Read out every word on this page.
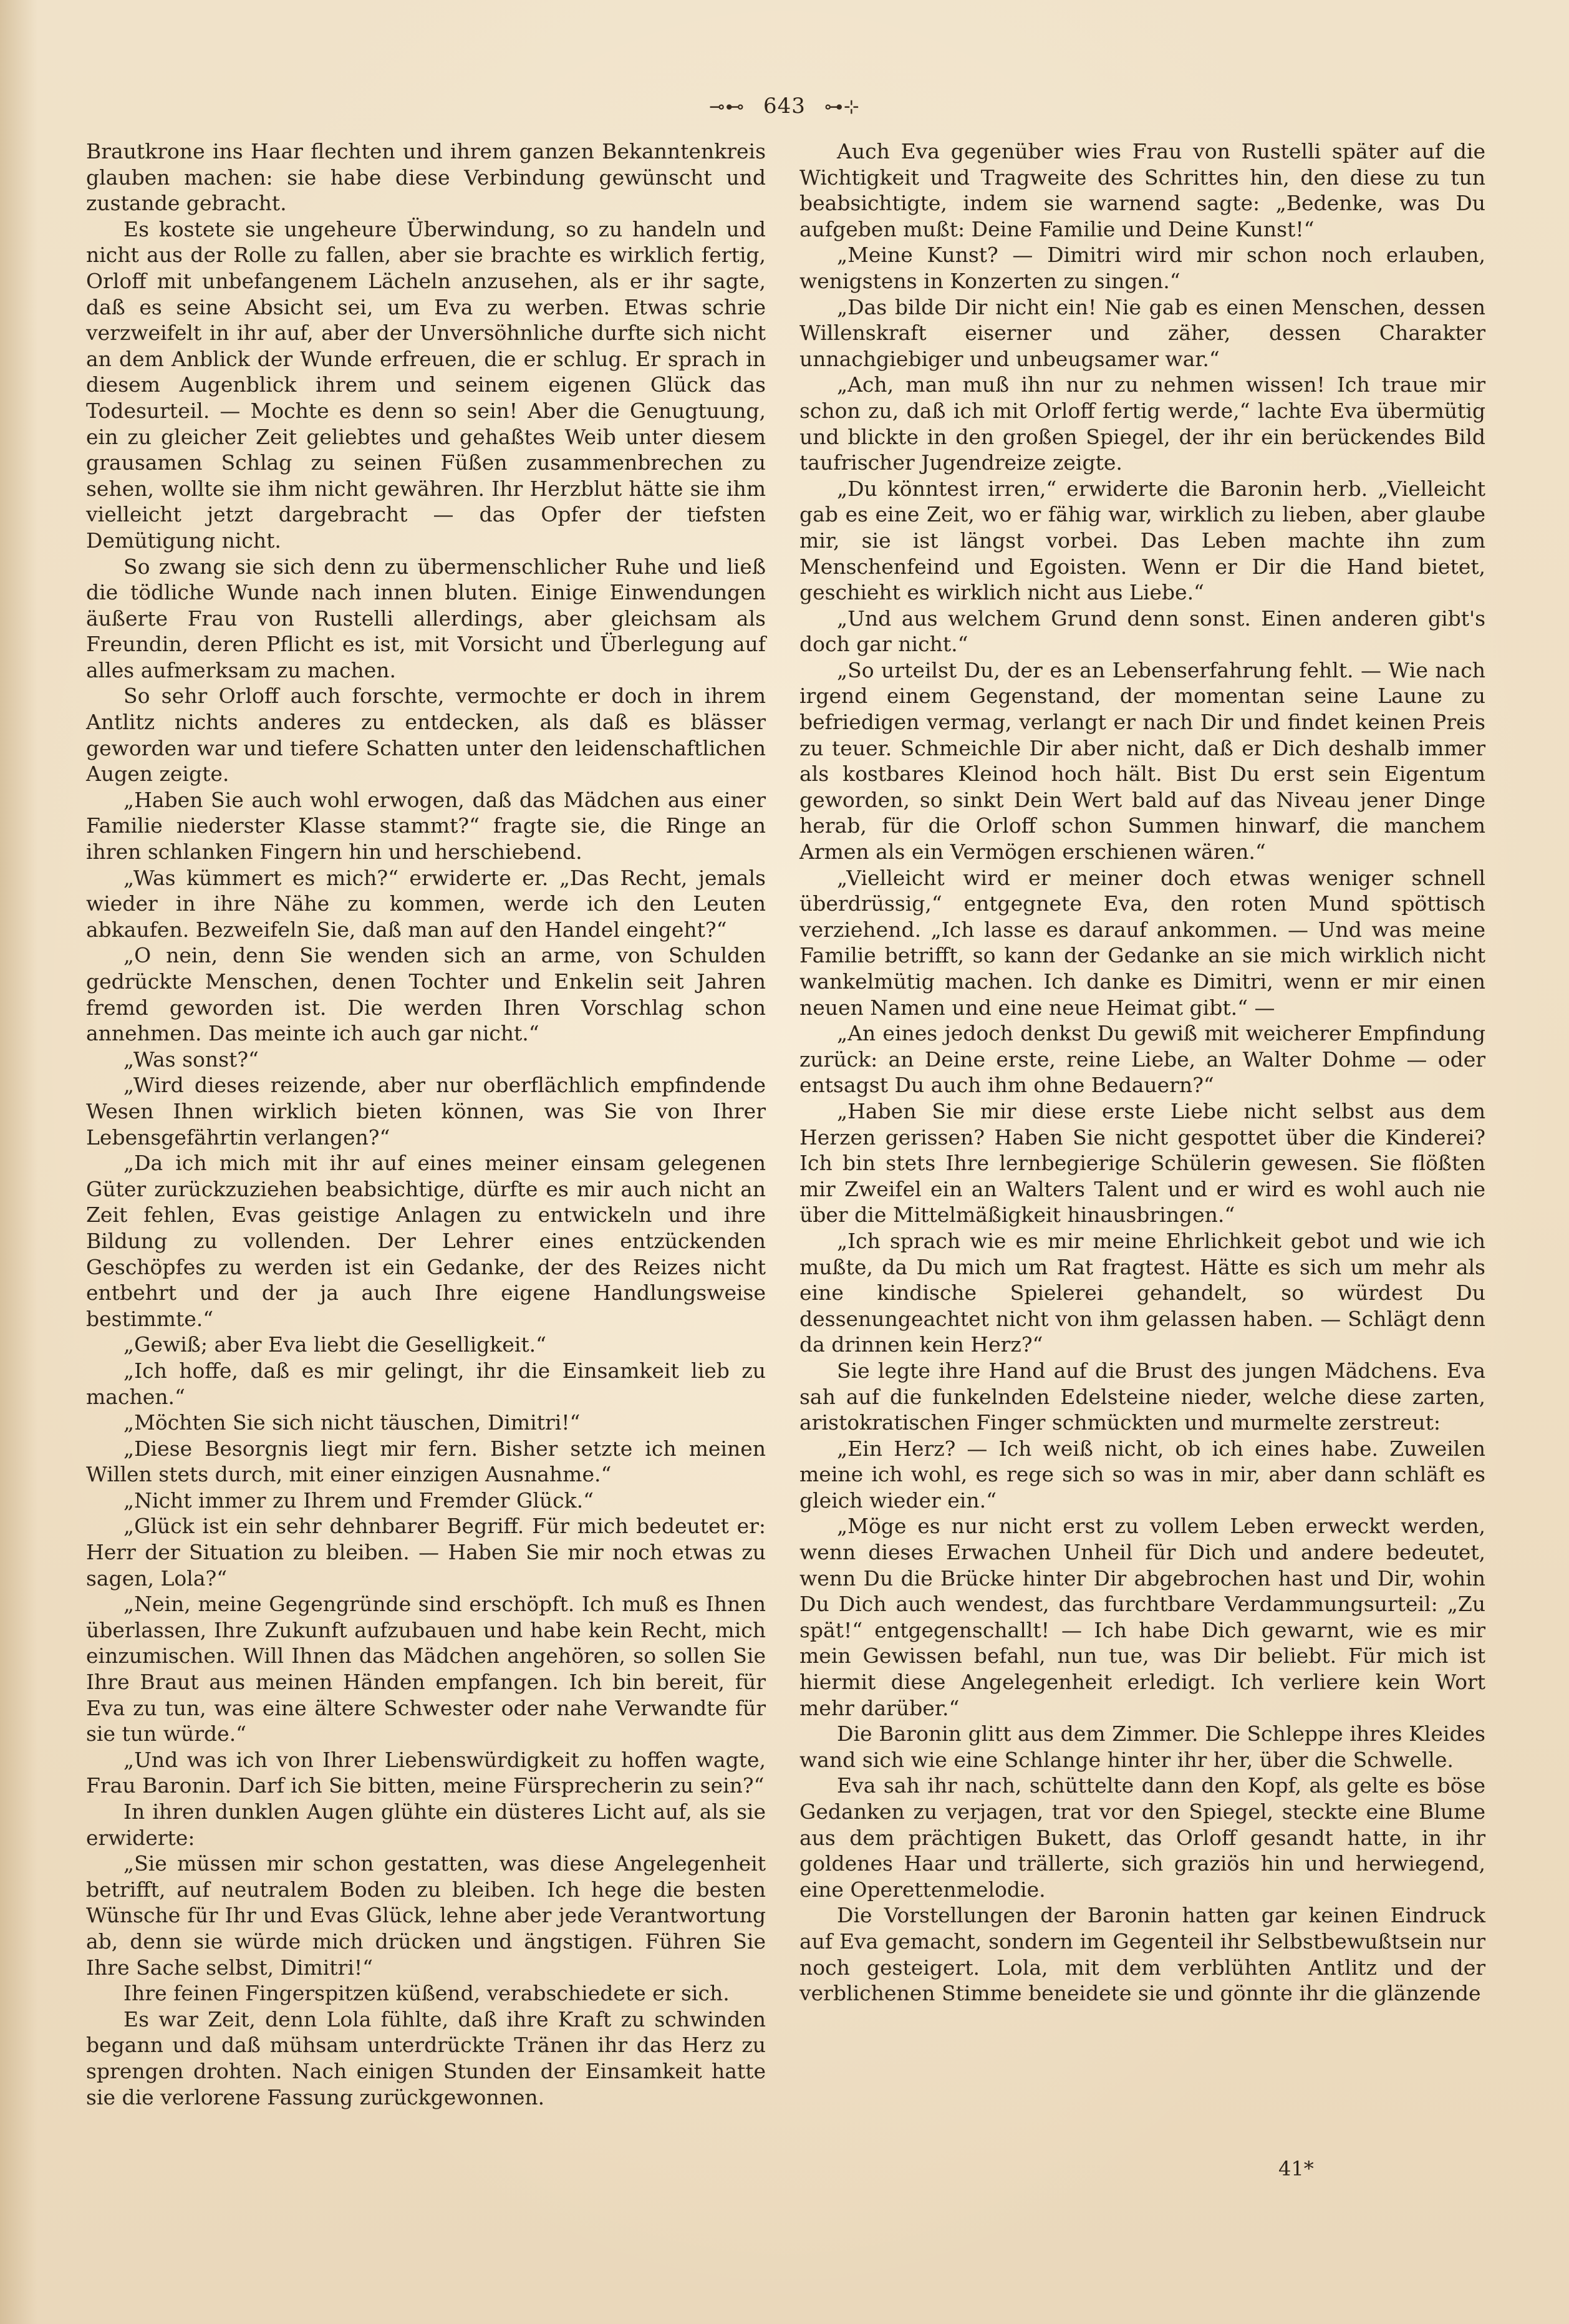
⊸⊷ 643 ⊶⊹

Brautkrone ins Haar flechten und ihrem ganzen Bekanntenkreis glauben machen: sie habe diese Verbindung gewünscht und zustande gebracht.

Es kostete sie ungeheure Überwindung, so zu handeln und nicht aus der Rolle zu fallen, aber sie brachte es wirklich fertig, Orloff mit unbefangenem Lächeln anzusehen, als er ihr sagte, daß es seine Absicht sei, um Eva zu werben. Etwas schrie verzweifelt in ihr auf, aber der Unversöhnliche durfte sich nicht an dem Anblick der Wunde erfreuen, die er schlug. Er sprach in diesem Augenblick ihrem und seinem eigenen Glück das Todesurteil. — Mochte es denn so sein! Aber die Genugtuung, ein zu gleicher Zeit geliebtes und gehaßtes Weib unter diesem grausamen Schlag zu seinen Füßen zusammenbrechen zu sehen, wollte sie ihm nicht gewähren. Ihr Herzblut hätte sie ihm vielleicht jetzt dargebracht — das Opfer der tiefsten Demütigung nicht.

So zwang sie sich denn zu übermenschlicher Ruhe und ließ die tödliche Wunde nach innen bluten. Einige Einwendungen äußerte Frau von Rustelli allerdings, aber gleichsam als Freundin, deren Pflicht es ist, mit Vorsicht und Überlegung auf alles aufmerksam zu machen.

So sehr Orloff auch forschte, vermochte er doch in ihrem Antlitz nichts anderes zu entdecken, als daß es blässer geworden war und tiefere Schatten unter den leidenschaftlichen Augen zeigte.

„Haben Sie auch wohl erwogen, daß das Mädchen aus einer Familie niederster Klasse stammt?“ fragte sie, die Ringe an ihren schlanken Fingern hin und herschiebend.

„Was kümmert es mich?“ erwiderte er. „Das Recht, jemals wieder in ihre Nähe zu kommen, werde ich den Leuten abkaufen. Bezweifeln Sie, daß man auf den Handel eingeht?“

„O nein, denn Sie wenden sich an arme, von Schulden gedrückte Menschen, denen Tochter und Enkelin seit Jahren fremd geworden ist. Die werden Ihren Vorschlag schon annehmen. Das meinte ich auch gar nicht.“

„Was sonst?“

„Wird dieses reizende, aber nur oberflächlich empfindende Wesen Ihnen wirklich bieten können, was Sie von Ihrer Lebensgefährtin verlangen?“

„Da ich mich mit ihr auf eines meiner einsam gelegenen Güter zurückzuziehen beabsichtige, dürfte es mir auch nicht an Zeit fehlen, Evas geistige Anlagen zu entwickeln und ihre Bildung zu vollenden. Der Lehrer eines entzückenden Geschöpfes zu werden ist ein Gedanke, der des Reizes nicht entbehrt und der ja auch Ihre eigene Handlungsweise bestimmte.“

„Gewiß; aber Eva liebt die Geselligkeit.“

„Ich hoffe, daß es mir gelingt, ihr die Einsamkeit lieb zu machen.“

„Möchten Sie sich nicht täuschen, Dimitri!“

„Diese Besorgnis liegt mir fern. Bisher setzte ich meinen Willen stets durch, mit einer einzigen Ausnahme.“

„Nicht immer zu Ihrem und Fremder Glück.“

„Glück ist ein sehr dehnbarer Begriff. Für mich bedeutet er: Herr der Situation zu bleiben. — Haben Sie mir noch etwas zu sagen, Lola?“

„Nein, meine Gegengründe sind erschöpft. Ich muß es Ihnen überlassen, Ihre Zukunft aufzubauen und habe kein Recht, mich einzumischen. Will Ihnen das Mädchen angehören, so sollen Sie Ihre Braut aus meinen Händen empfangen. Ich bin bereit, für Eva zu tun, was eine ältere Schwester oder nahe Verwandte für sie tun würde.“

„Und was ich von Ihrer Liebenswürdigkeit zu hoffen wagte, Frau Baronin. Darf ich Sie bitten, meine Fürsprecherin zu sein?“

In ihren dunklen Augen glühte ein düsteres Licht auf, als sie erwiderte:

„Sie müssen mir schon gestatten, was diese Angelegenheit betrifft, auf neutralem Boden zu bleiben. Ich hege die besten Wünsche für Ihr und Evas Glück, lehne aber jede Verantwortung ab, denn sie würde mich drücken und ängstigen. Führen Sie Ihre Sache selbst, Dimitri!“

Ihre feinen Fingerspitzen küßend, verabschiedete er sich.

Es war Zeit, denn Lola fühlte, daß ihre Kraft zu schwinden begann und daß mühsam unterdrückte Tränen ihr das Herz zu sprengen drohten. Nach einigen Stunden der Einsamkeit hatte sie die verlorene Fassung zurückgewonnen.

Auch Eva gegenüber wies Frau von Rustelli später auf die Wichtigkeit und Tragweite des Schrittes hin, den diese zu tun beabsichtigte, indem sie warnend sagte: „Bedenke, was Du aufgeben mußt: Deine Familie und Deine Kunst!“

„Meine Kunst? — Dimitri wird mir schon noch erlauben, wenigstens in Konzerten zu singen.“

„Das bilde Dir nicht ein! Nie gab es einen Menschen, dessen Willenskraft eiserner und zäher, dessen Charakter unnachgiebiger und unbeugsamer war.“

„Ach, man muß ihn nur zu nehmen wissen! Ich traue mir schon zu, daß ich mit Orloff fertig werde,“ lachte Eva übermütig und blickte in den großen Spiegel, der ihr ein berückendes Bild taufrischer Jugendreize zeigte.

„Du könntest irren,“ erwiderte die Baronin herb. „Vielleicht gab es eine Zeit, wo er fähig war, wirklich zu lieben, aber glaube mir, sie ist längst vorbei. Das Leben machte ihn zum Menschenfeind und Egoisten. Wenn er Dir die Hand bietet, geschieht es wirklich nicht aus Liebe.“

„Und aus welchem Grund denn sonst. Einen anderen gibt's doch gar nicht.“

„So urteilst Du, der es an Lebenserfahrung fehlt. — Wie nach irgend einem Gegenstand, der momentan seine Laune zu befriedigen vermag, verlangt er nach Dir und findet keinen Preis zu teuer. Schmeichle Dir aber nicht, daß er Dich deshalb immer als kostbares Kleinod hoch hält. Bist Du erst sein Eigentum geworden, so sinkt Dein Wert bald auf das Niveau jener Dinge herab, für die Orloff schon Summen hinwarf, die manchem Armen als ein Vermögen erschienen wären.“

„Vielleicht wird er meiner doch etwas weniger schnell überdrüssig,“ entgegnete Eva, den roten Mund spöttisch verziehend. „Ich lasse es darauf ankommen. — Und was meine Familie betrifft, so kann der Gedanke an sie mich wirklich nicht wankelmütig machen. Ich danke es Dimitri, wenn er mir einen neuen Namen und eine neue Heimat gibt.“ —

„An eines jedoch denkst Du gewiß mit weicherer Empfindung zurück: an Deine erste, reine Liebe, an Walter Dohme — oder entsagst Du auch ihm ohne Bedauern?“

„Haben Sie mir diese erste Liebe nicht selbst aus dem Herzen gerissen? Haben Sie nicht gespottet über die Kinderei? Ich bin stets Ihre lernbegierige Schülerin gewesen. Sie flößten mir Zweifel ein an Walters Talent und er wird es wohl auch nie über die Mittelmäßigkeit hinausbringen.“

„Ich sprach wie es mir meine Ehrlichkeit gebot und wie ich mußte, da Du mich um Rat fragtest. Hätte es sich um mehr als eine kindische Spielerei gehandelt, so würdest Du dessenungeachtet nicht von ihm gelassen haben. — Schlägt denn da drinnen kein Herz?“

Sie legte ihre Hand auf die Brust des jungen Mädchens. Eva sah auf die funkelnden Edelsteine nieder, welche diese zarten, aristokratischen Finger schmückten und murmelte zerstreut:

„Ein Herz? — Ich weiß nicht, ob ich eines habe. Zuweilen meine ich wohl, es rege sich so was in mir, aber dann schläft es gleich wieder ein.“

„Möge es nur nicht erst zu vollem Leben erweckt werden, wenn dieses Erwachen Unheil für Dich und andere bedeutet, wenn Du die Brücke hinter Dir abgebrochen hast und Dir, wohin Du Dich auch wendest, das furchtbare Verdammungsurteil: „Zu spät!“ entgegenschallt! — Ich habe Dich gewarnt, wie es mir mein Gewissen befahl, nun tue, was Dir beliebt. Für mich ist hiermit diese Angelegenheit erledigt. Ich verliere kein Wort mehr darüber.“

Die Baronin glitt aus dem Zimmer. Die Schleppe ihres Kleides wand sich wie eine Schlange hinter ihr her, über die Schwelle.

Eva sah ihr nach, schüttelte dann den Kopf, als gelte es böse Gedanken zu verjagen, trat vor den Spiegel, steckte eine Blume aus dem prächtigen Bukett, das Orloff gesandt hatte, in ihr goldenes Haar und trällerte, sich graziös hin und herwiegend, eine Operettenmelodie.

Die Vorstellungen der Baronin hatten gar keinen Eindruck auf Eva gemacht, sondern im Gegenteil ihr Selbstbewußtsein nur noch gesteigert. Lola, mit dem verblühten Antlitz und der verblichenen Stimme beneidete sie und gönnte ihr die glänzende

41*
